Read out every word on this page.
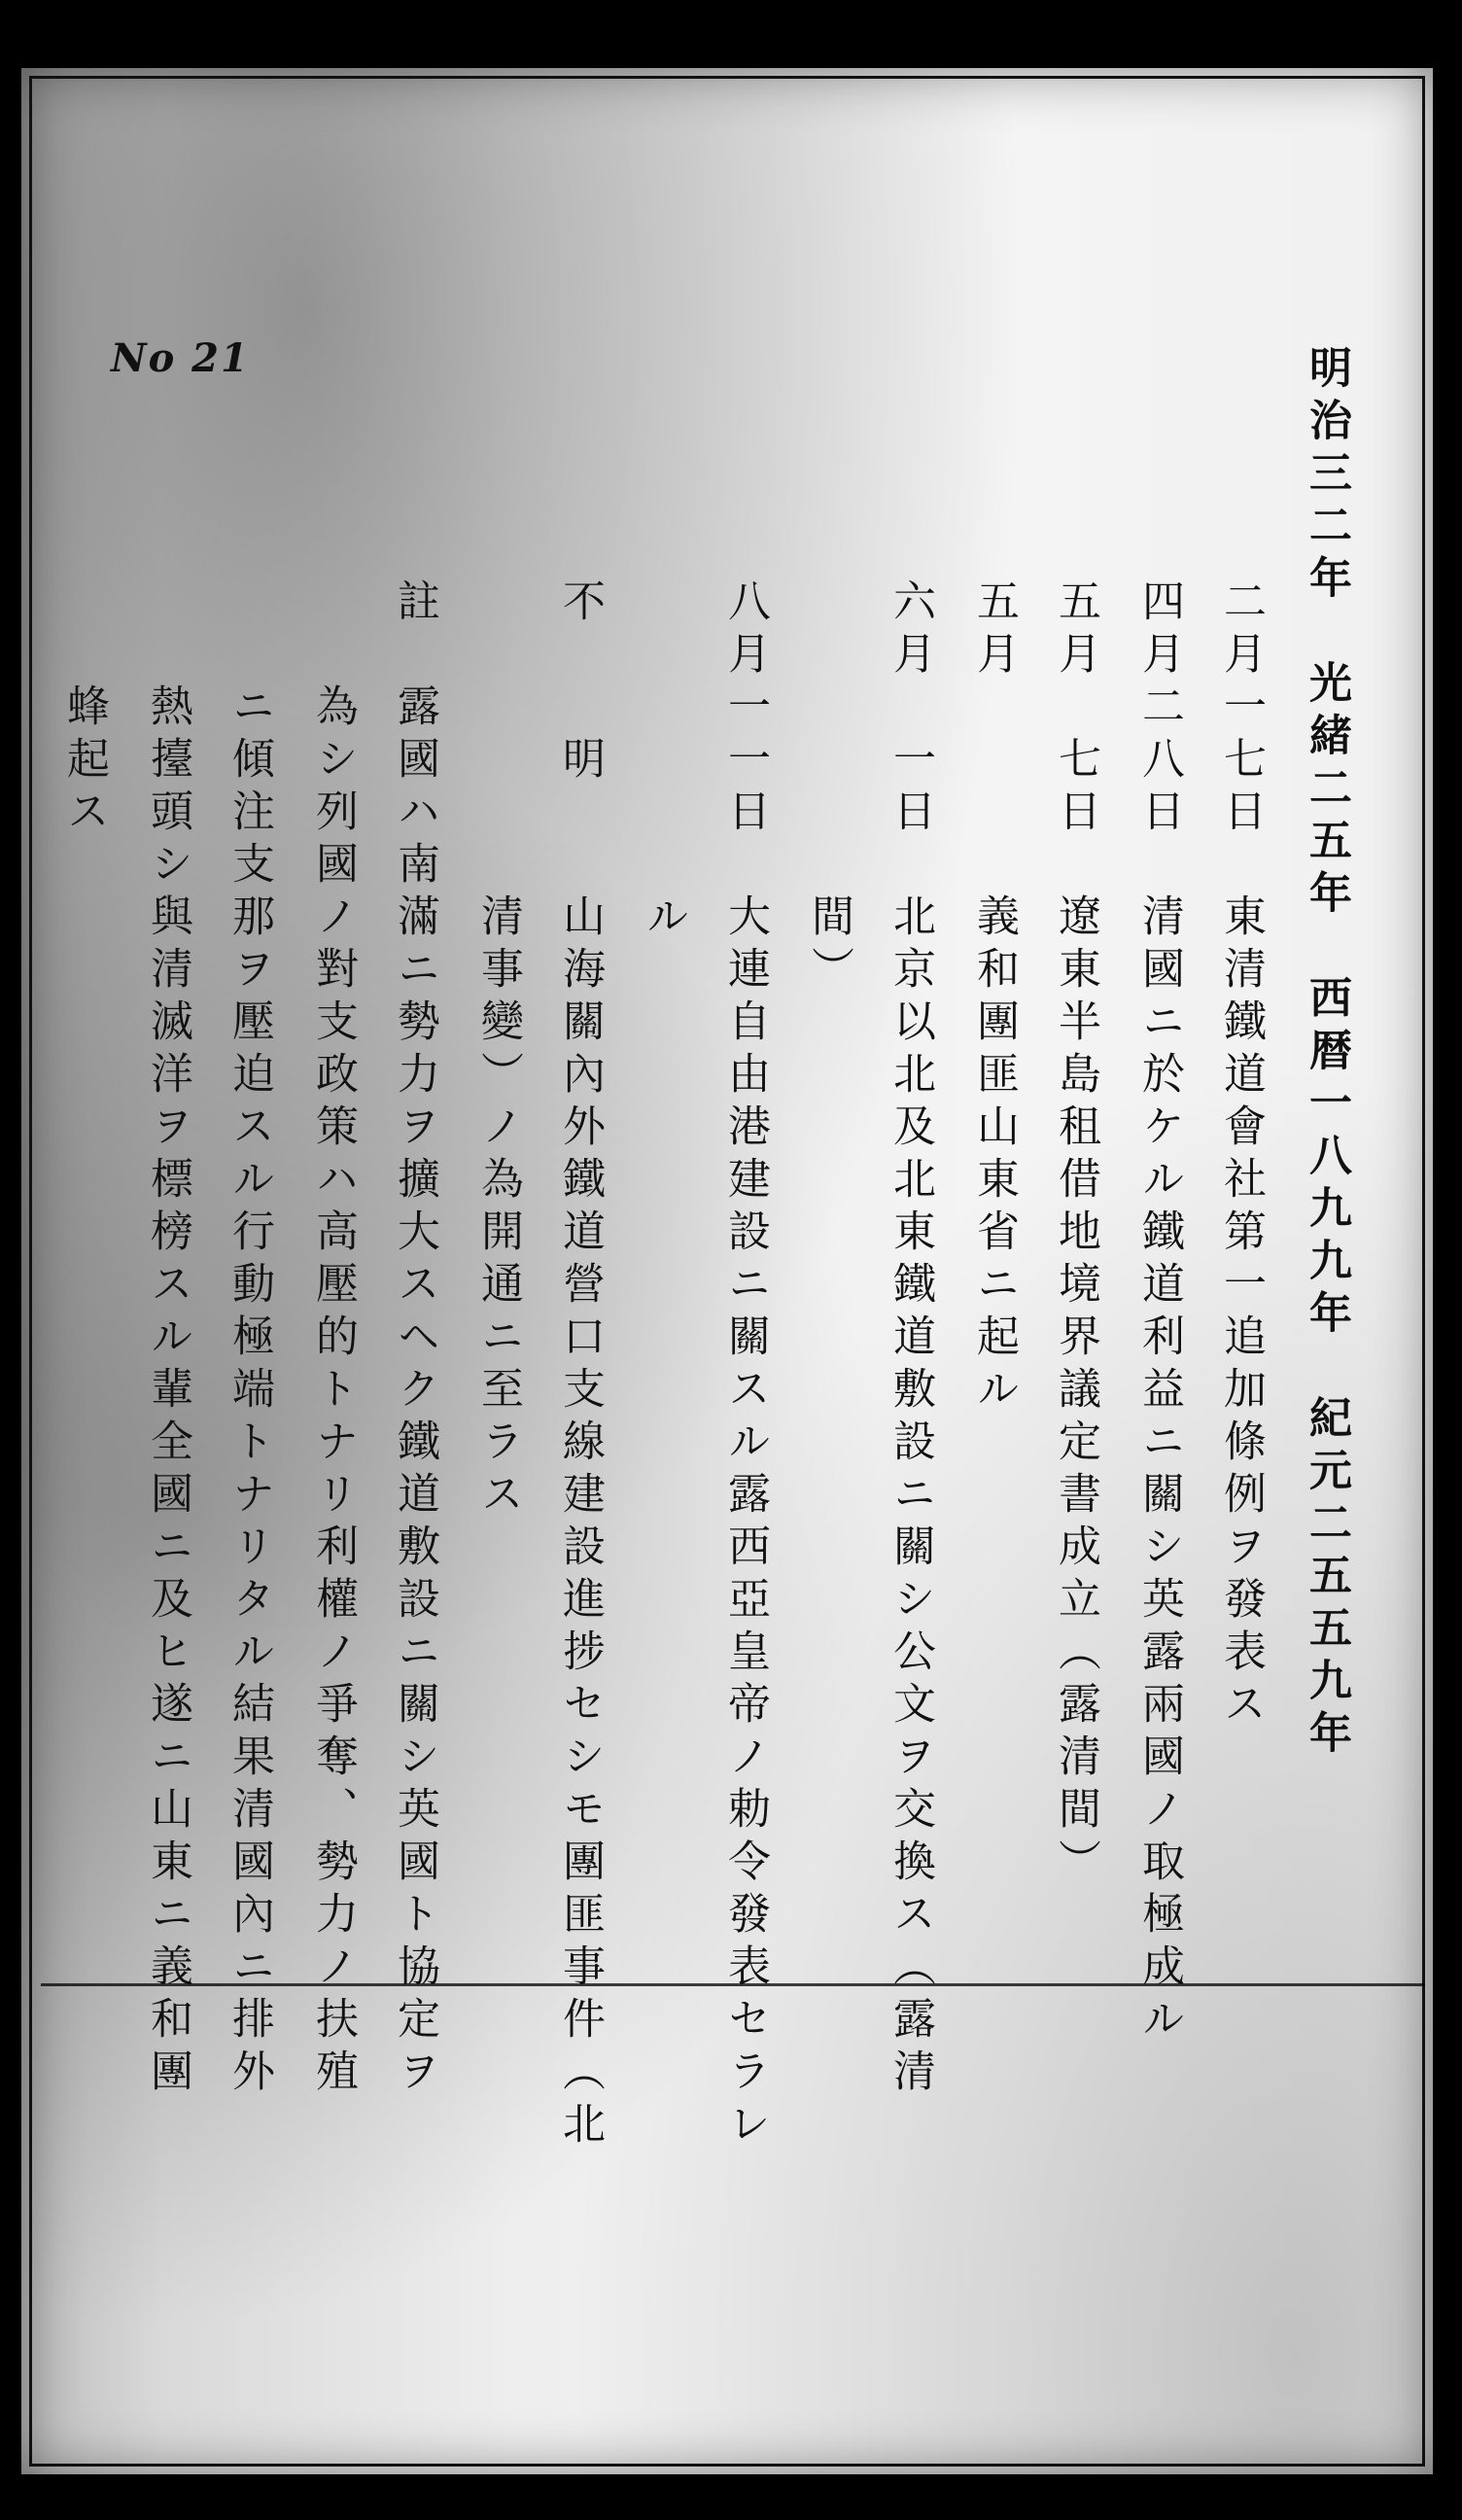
No 21	明治三二年　光緒二五年　西暦一八九九年　紀元二五五九年
二月一七日　東清鐵道會社第一追加條例ヲ發表ス
四月二八日　清國ニ於ケル鐵道利益ニ關シ英露兩國ノ取極成ル
五月　七日　遼東半島租借地境界議定書成立（露清間）
五月　　　　義和團匪山東省ニ起ル
六月　一日　北京以北及北東鐵道敷設ニ關シ公文ヲ交換ス（露清
　　　　　　間）
八月一一日　大連自由港建設ニ關スル露西亞皇帝ノ勅令發表セラレ
　　　　　　ル
不　　明　　山海關內外鐵道營口支線建設進捗セシモ團匪事件（北
　　　　　　清事變）ノ為開通ニ至ラス
註　露國ハ南滿ニ勢力ヲ擴大スヘク鐵道敷設ニ關シ英國ト協定ヲ
　　為シ列國ノ對支政策ハ高壓的トナリ利權ノ爭奪、勢力ノ扶殖
　　ニ傾注支那ヲ壓迫スル行動極端トナリタル結果清國內ニ排外
　　熱擡頭シ與清滅洋ヲ標榜スル輩全國ニ及ヒ遂ニ山東ニ義和團
　　蜂起ス
